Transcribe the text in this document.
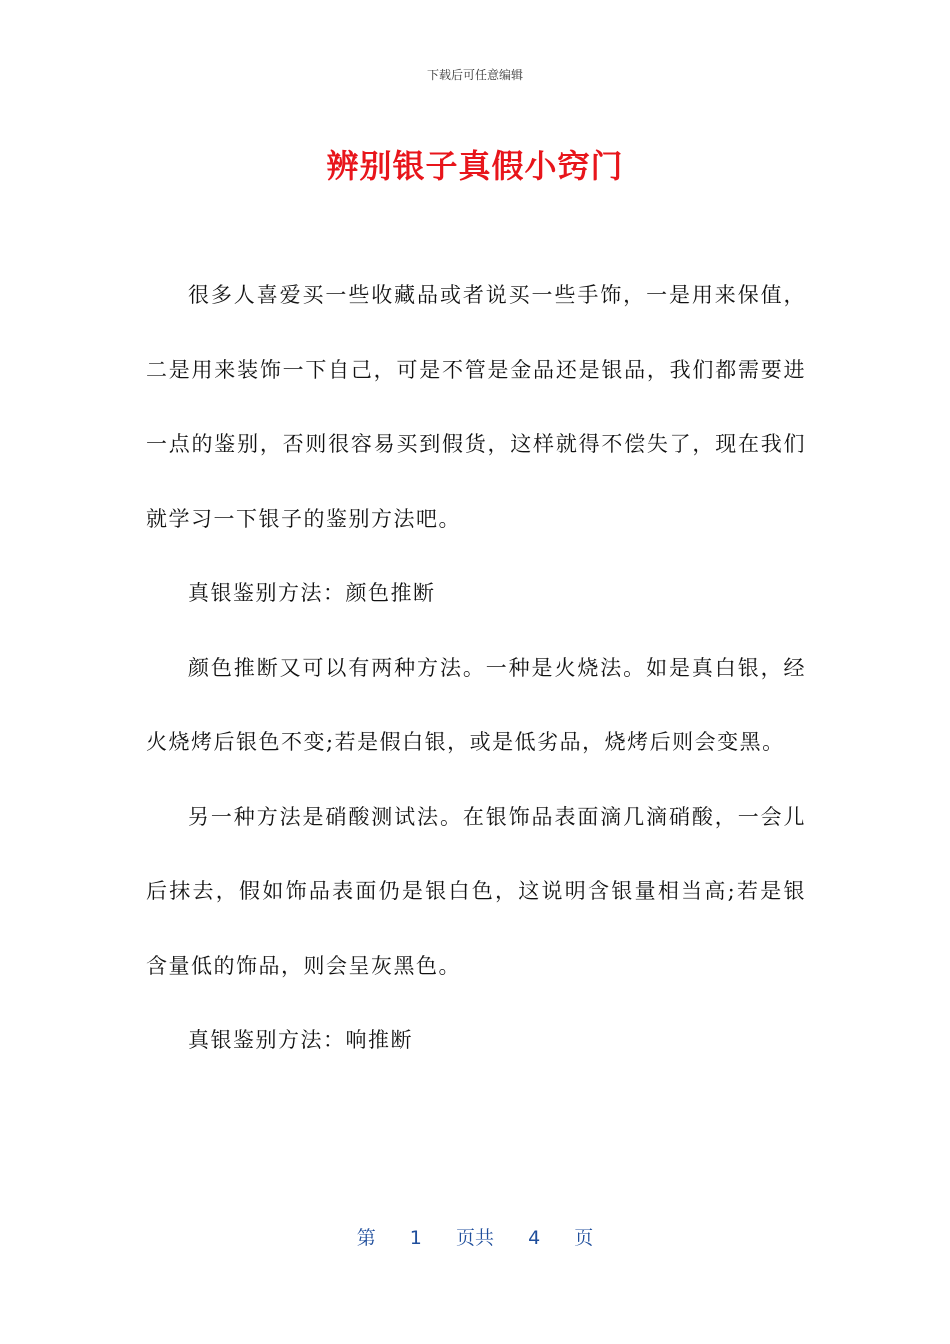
下载后可任意编辑
辨别银子真假小窍门

很多人喜爱买一些收藏品或者说买一些手饰，一是用来保值，二是用来装饰一下自己，可是不管是金品还是银品，我们都需要进一点的鉴别，否则很容易买到假货，这样就得不偿失了，现在我们就学习一下银子的鉴别方法吧。

真银鉴别方法：颜色推断

颜色推断又可以有两种方法。一种是火烧法。如是真白银，经火烧烤后银色不变;若是假白银，或是低劣品，烧烤后则会变黑。

另一种方法是硝酸测试法。在银饰品表面滴几滴硝酸，一会儿后抹去，假如饰品表面仍是银白色，这说明含银量相当高;若是银含量低的饰品，则会呈灰黑色。

真银鉴别方法：响推断

第 1 页共 4 页
